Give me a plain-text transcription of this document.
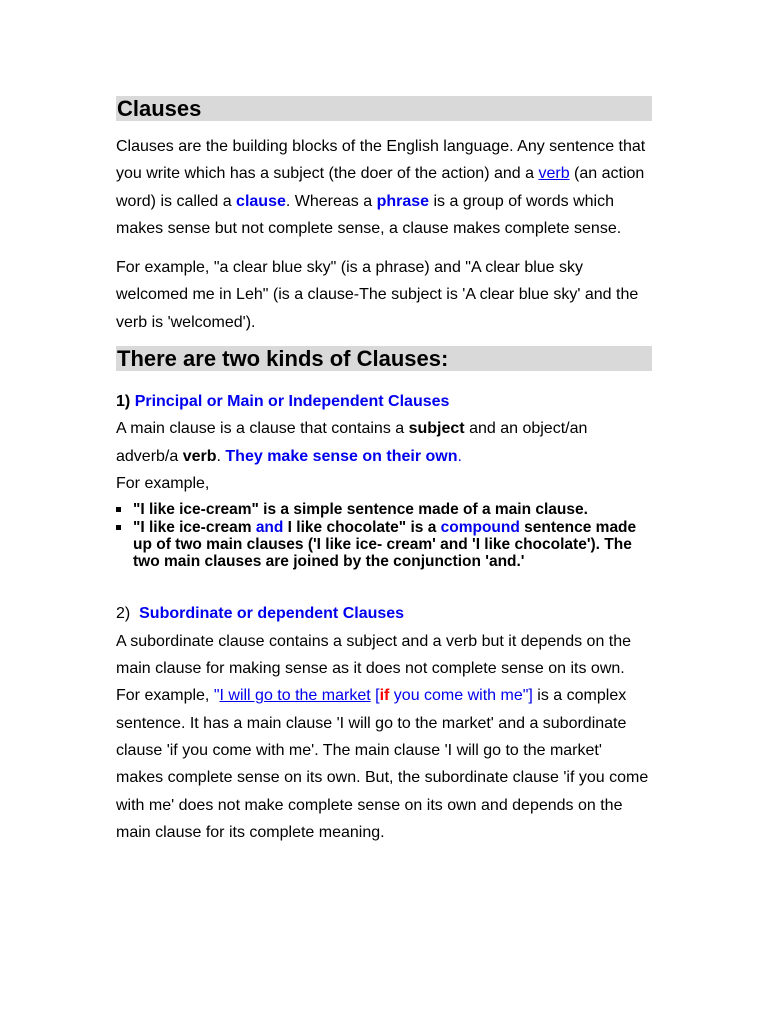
Clauses

Clauses are the building blocks of the English language. Any sentence that you write which has a subject (the doer of the action) and a verb (an action word) is called a clause. Whereas a phrase is a group of words which makes sense but not complete sense, a clause makes complete sense.

For example, "a clear blue sky" (is a phrase) and "A clear blue sky welcomed me in Leh" (is a clause-The subject is 'A clear blue sky' and the verb is 'welcomed').

There are two kinds of Clauses:

1) Principal or Main or Independent Clauses

A main clause is a clause that contains a subject and an object/an adverb/a verb. They make sense on their own.

For example,

"I like ice-cream" is a simple sentence made of a main clause.
"I like ice-cream and I like chocolate" is a compound sentence made up of two main clauses ('I like ice- cream' and 'I like chocolate'). The two main clauses are joined by the conjunction 'and.'

2) Subordinate or dependent Clauses

A subordinate clause contains a subject and a verb but it depends on the main clause for making sense as it does not complete sense on its own.

For example, "I will go to the market [if you come with me"] is a complex sentence. It has a main clause 'I will go to the market' and a subordinate clause 'if you come with me'. The main clause 'I will go to the market' makes complete sense on its own. But, the subordinate clause 'if you come with me' does not make complete sense on its own and depends on the main clause for its complete meaning.
